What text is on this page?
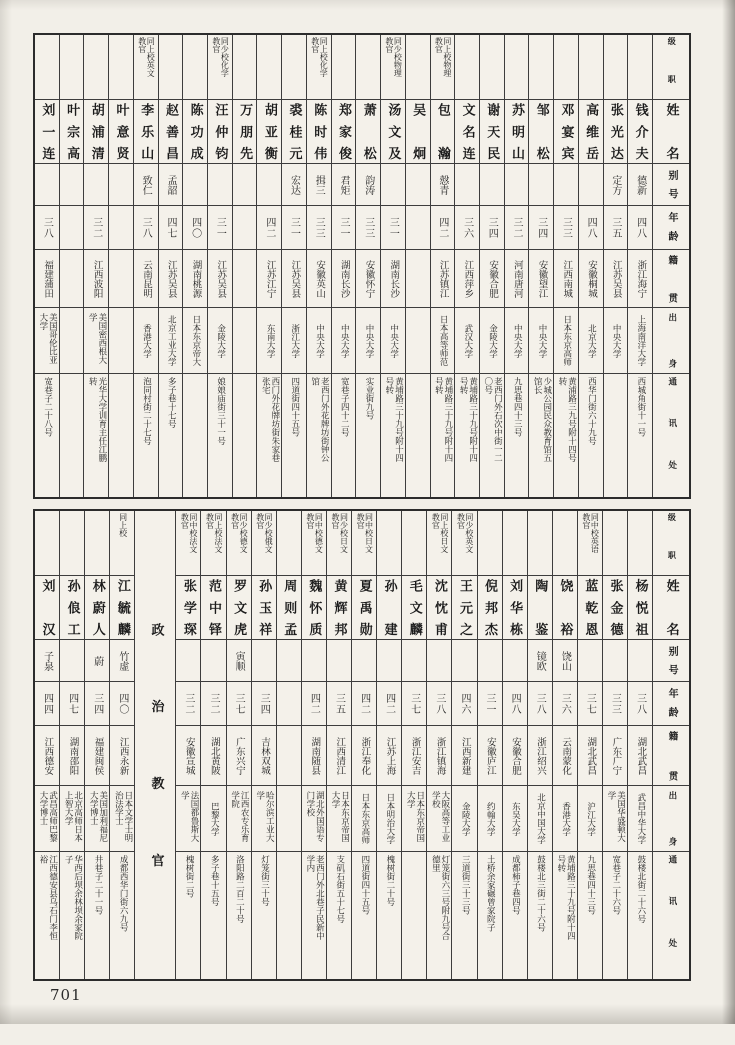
刘一连
三八
福建蒲田
美国哥伦比亚大学
宽巷子二十八号
叶宗高 胡浦清
三二
江西波阳
美国密西根大学
光华大学训育主任江鹏转
叶意贤
同上校英文教官
李乐山
致仁
三八
云南昆明
香港大学
泡同村街二十七号
赵善昌
孟韶
四七
江苏吴县
北京工业大学
多子巷十七号
陈功成
四〇
湖南桃源
日本东京帝大
同少校化学教官
汪仲钧
三一
江苏吴县
金陵大学
娘娘庙街三十一号
万朋先 胡亚衡
四二
江苏江宁
东南大学
西门外花牌坊街朱家巷张宅
裘桂元
宏达
三一
江苏吴县
浙江大学
四道街四十五号
同上校化学教官
陈时伟
揖三
三三
安徽英山
中央大学
老西门外花牌坊街钟公馆
郑家俊
君矩
三一
湖南长沙
中央大学
宽巷子四十二号
萧松
韵涛
三三
安徽怀宁
中央大学
实业街九号
同少校物理教官
汤文及
三一
湖南长沙
中央大学
黄埔路三十九号附十四号转
吴炯
同上校物理教官
包瀚
慤青
四二
江苏镇江
日本高等师范
黄埔路三十九号附十四号转
文名连
三六
江西萍乡
武汉大学
黄埔路三十九号附十四号转
谢天民
三四
安徽合肥
金陵大学
老西门外石次中街一二〇号
苏明山
三二
河南唐河
中央大学
九思巷四十三号
邹松
三四
安徽望江
中央大学
少城公园民众教育馆五馆长
邓宴宾
三三
江西南城
日本东京高师
黄浦路三九号附十四号转
高维岳
四八
安徽桐城
北京大学
西华门街六十九号
张光达
定方
三五
江苏吴县
中央大学
钱介夫
德新
四八
浙江海宁
上海南洋大学
西城角街十一号
级职
姓名
别号
年龄
籍贯
出身
通讯处
刘汉
子泉
四四
江西德安
武昌高师巴黎大学博士
江西德安县乌石门李恒裕
孙俍工
四七
湖南邵阳
北京高师日本上智大学
华西后坝余林坝余家院子
林蔚人
蔚
三四
福建闽侯
美国加利福尼大学博士
井巷子二十一号
同上校
江毓麟
竹虚
四〇
江西永新
日本文学士明治法学士
成都西华门街六九号
政治教官
同中校法文教官
张学琛
三二
安徽宣城
法国都鲁斯大学
槐树街二号
同上校法文教官
范中铎
三二
湖北黄陂
巴黎大学
多子巷十五号
同少校德文教官
罗文虎
寅顺
三七
广东兴宁
江西农专乐育学院
洛阳路二百二十号
同少校俄文教官
孙玉祥
三四
吉林双城
哈尔滨工业大学
灯笼街三十号
周则孟
同中校德文教官
魏怀质
四二
湖南随县
湖北外国语专门学校
老西门外北巷子民新中学内
同少校日文教官
黄辉邦
三五
江西清江
日本东京帝国大学
支矶石街五十七号
同中校日文教官
夏禹勋
四二
浙江奉化
日本东京高师
四道街四十五号
孙建
四二
江苏上海
日本明治大学
槐树街二十号
毛文麟
三七
浙江安吉
日本东京帝国大学
同上校日文教官
沈忱甫
三八
浙江镇海
大阪高等工业学校
灯笼街六三号附九号合德里
同少校英文教官
王元之
四六
江西新建
金陵大学
三道街三十三号
倪邦杰
三一
安徽庐江
约翰大学
土桥余家碾曾家院子
刘华栋
四八
安徽合肥
东吴大学
成都柿子巷四号
陶鉴
镜欧
三八
浙江绍兴
北京中国大学
鼓楼北三街二十六号
饶裕
饶山
三六
云南蒙化
香港大学
黄埔路三十九号附十四号转
同中校英语教官
蓝乾恩
三七
湖北武昌
沪江大学
九思巷四十三号
张金德
三三
广东广宁
美国华盛顿大学
宽巷子二十六号
杨悦祖
三八
湖北武昌
武昌中华大学
鼓楼北街二十六号
级职
姓名
别号
年龄
籍贯
出身
通讯处
701
